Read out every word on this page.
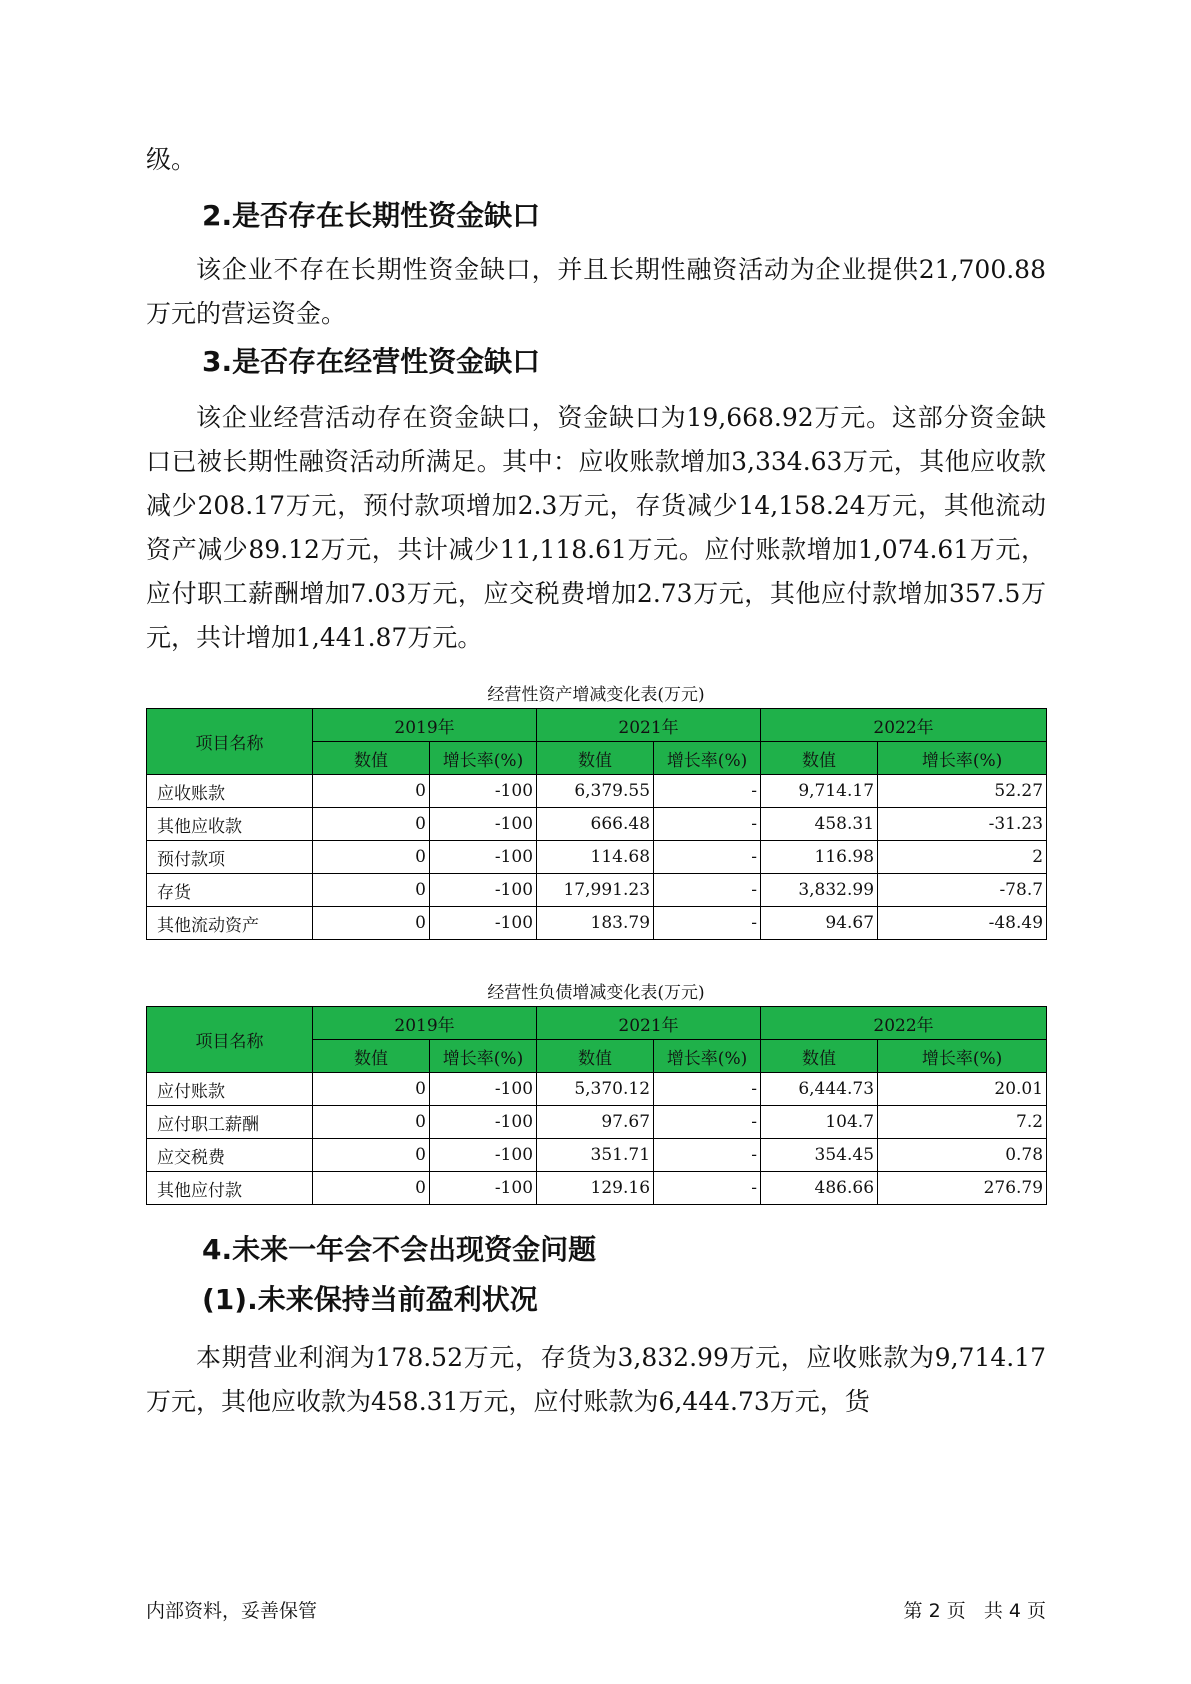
级。

2.是否存在长期性资金缺口

该企业不存在长期性资金缺口，并且长期性融资活动为企业提供21,700.88万元的营运资金。

3.是否存在经营性资金缺口

该企业经营活动存在资金缺口，资金缺口为19,668.92万元。这部分资金缺口已被长期性融资活动所满足。其中：应收账款增加3,334.63万元，其他应收款减少208.17万元，预付款项增加2.3万元，存货减少14,158.24万元，其他流动资产减少89.12万元，共计减少11,118.61万元。应付账款增加1,074.61万元，应付职工薪酬增加7.03万元，应交税费增加2.73万元，其他应付款增加357.5万元，共计增加1,441.87万元。

经营性资产增减变化表(万元)
项目名称	2019年		2021年		2022年	
	数值	增长率(%)	数值	增长率(%)	数值	增长率(%)
应收账款	0	-100	6,379.55	-	9,714.17	52.27
其他应收款	0	-100	666.48	-	458.31	-31.23
预付款项	0	-100	114.68	-	116.98	2
存货	0	-100	17,991.23	-	3,832.99	-78.7
其他流动资产	0	-100	183.79	-	94.67	-48.49
经营性负债增减变化表(万元)
项目名称	2019年		2021年		2022年	
	数值	增长率(%)	数值	增长率(%)	数值	增长率(%)
应付账款	0	-100	5,370.12	-	6,444.73	20.01
应付职工薪酬	0	-100	97.67	-	104.7	7.2
应交税费	0	-100	351.71	-	354.45	0.78
其他应付款	0	-100	129.16	-	486.66	276.79
4.未来一年会不会出现资金问题
(1).未来保持当前盈利状况

本期营业利润为178.52万元，存货为3,832.99万元，应收账款为9,714.17万元，其他应收款为458.31万元，应付账款为6,444.73万元，货

内部资料，妥善保管	第 2 页   共 4 页
